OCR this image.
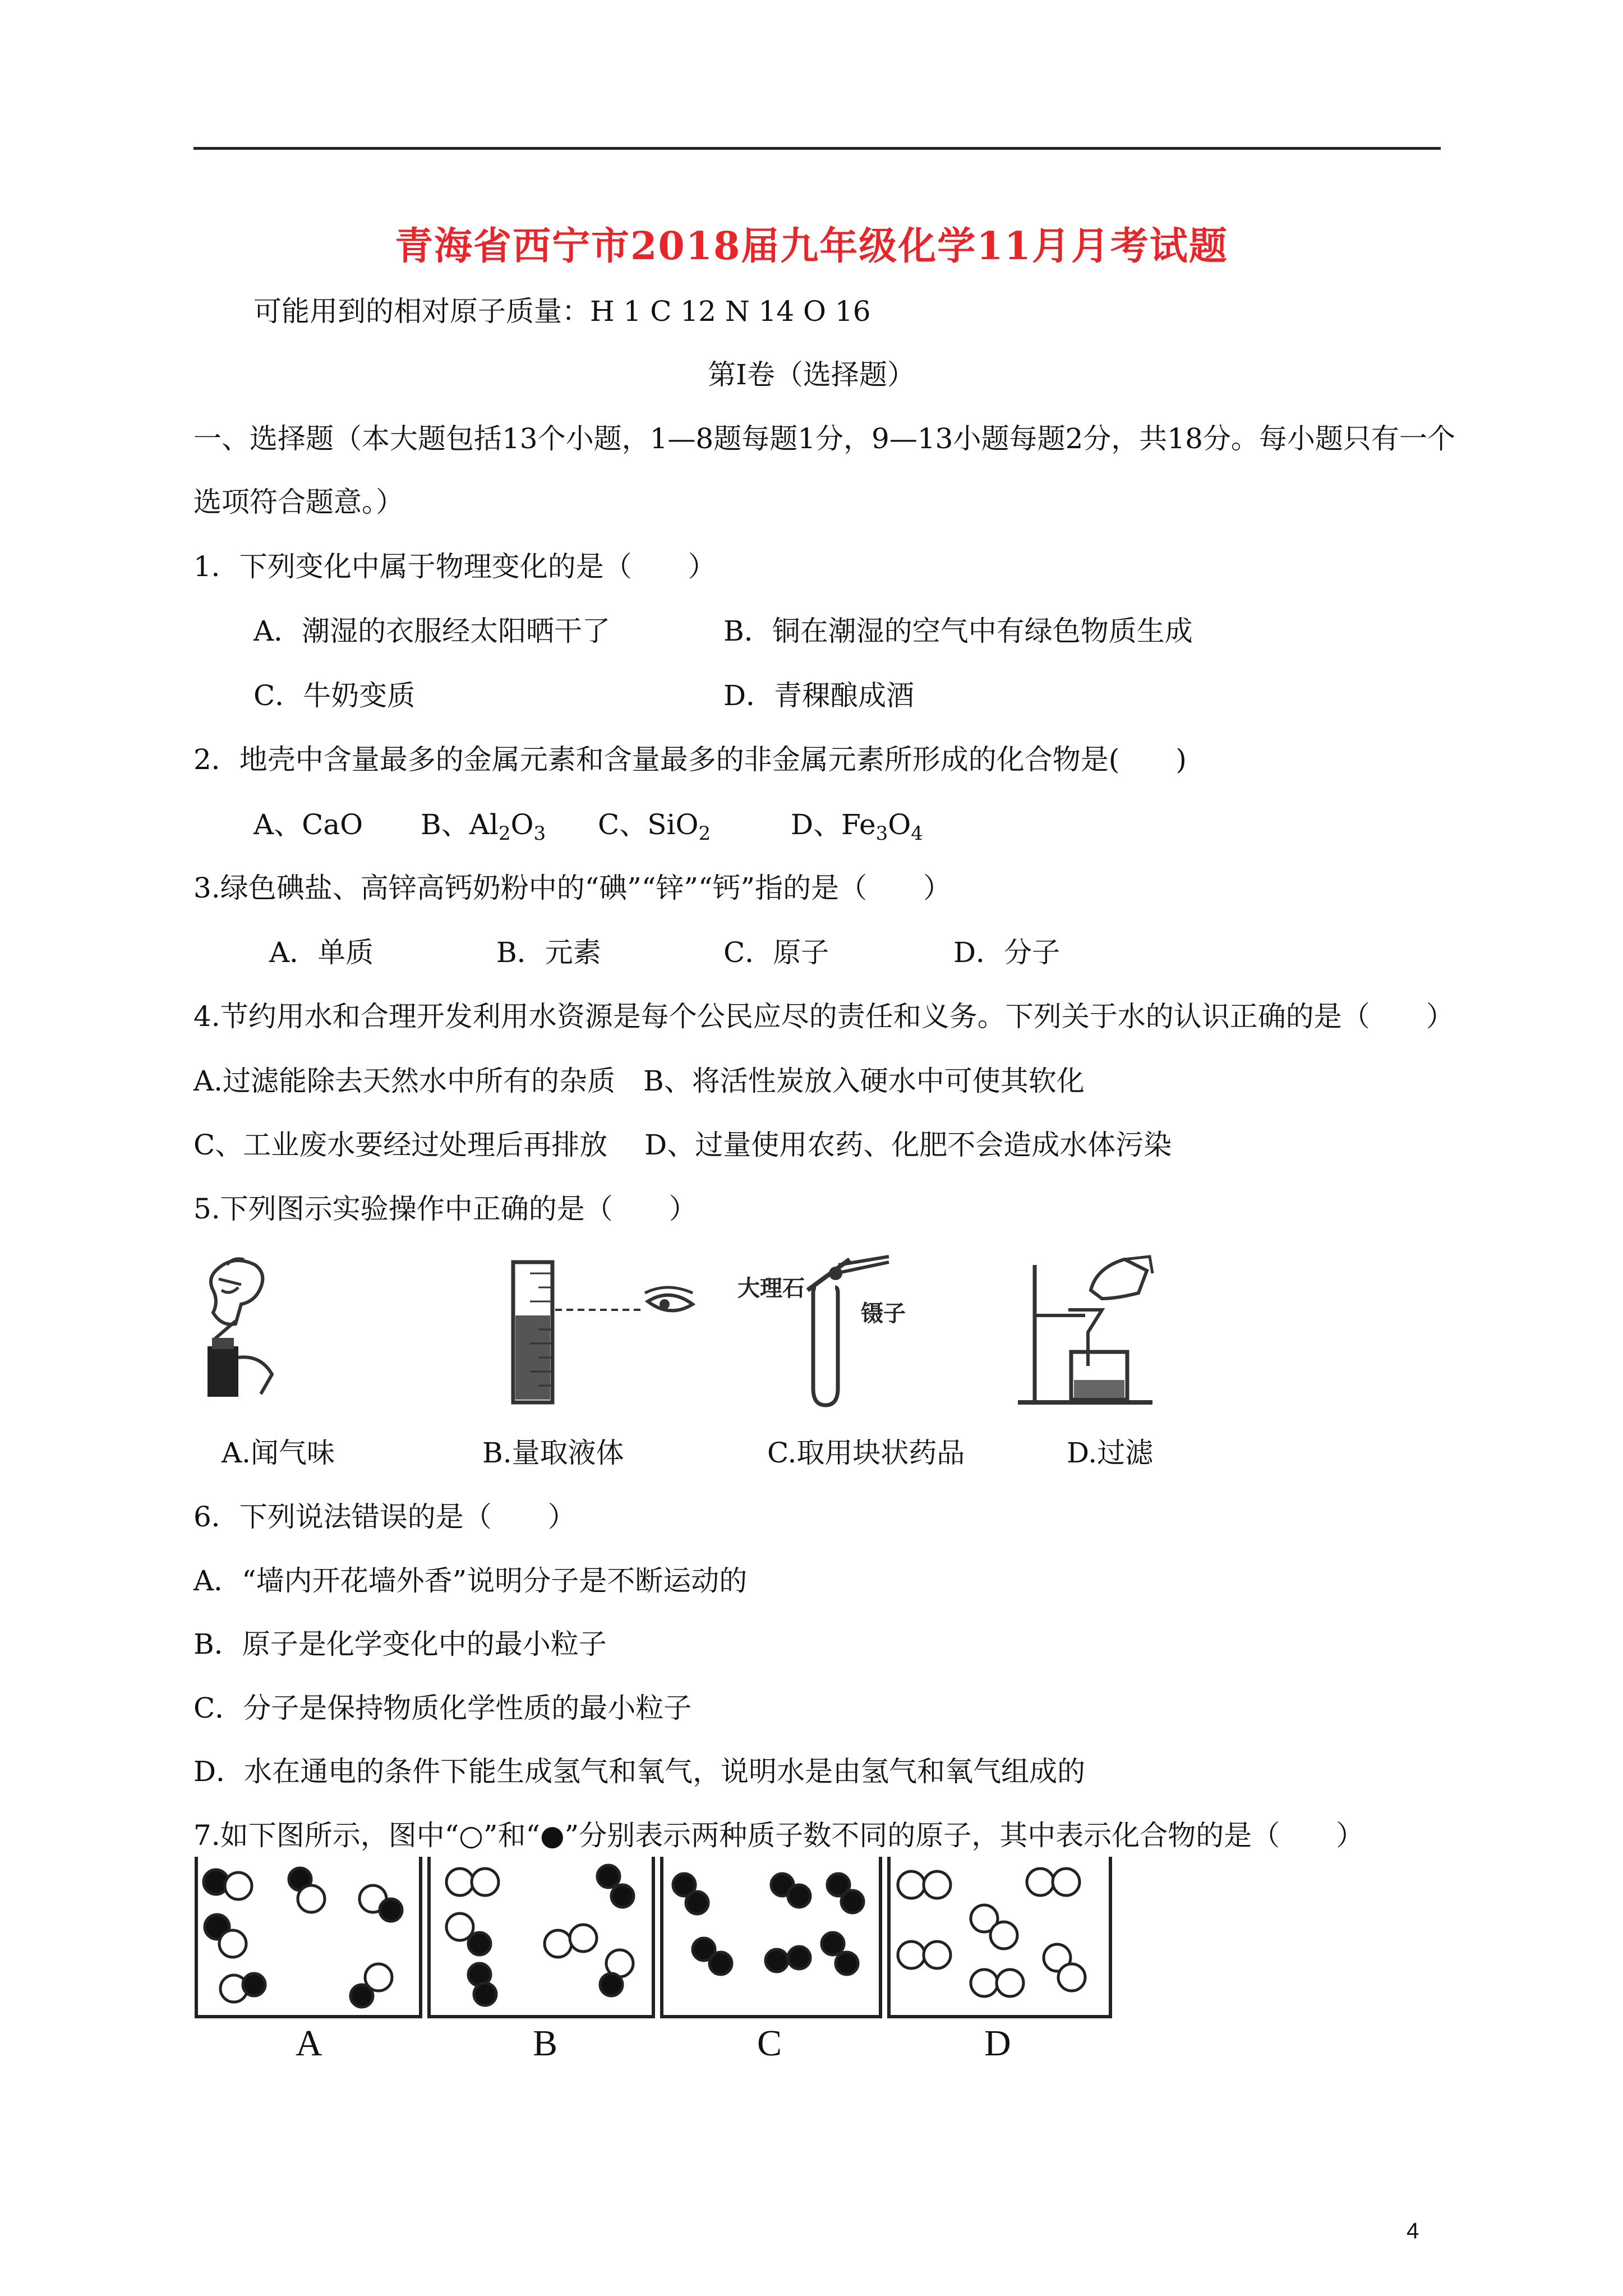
青海省西宁市2018届九年级化学11月月考试题
可能用到的相对原子质量：H 1 C 12 N 14 O 16
第Ⅰ卷（选择题）
一、选择题（本大题包括13个小题，1—8题每题1分，9—13小题每题2分，共18分。每小题只有一个
选项符合题意。）
1．下列变化中属于物理变化的是（　　）
A．潮湿的衣服经太阳晒干了	B．铜在潮湿的空气中有绿色物质生成
C．牛奶变质	D．青稞酿成酒
2．地壳中含量最多的金属元素和含量最多的非金属元素所形成的化合物是(　　)
A、CaO B、$Al_2O_3$ C、SiO$_2$	D、$Fe_3O_4$
3.绿色碘盐、高锌高钙奶粉中的“碘”“锌”“钙”指的是（　　）
A．单质	B．元素	C．原子	D．分子
4.节约用水和合理开发利用水资源是每个公民应尽的责任和义务。下列关于水的认识正确的是（　　）
A.过滤能除去天然水中所有的杂质　B、将活性炭放入硬水中可使其软化
C、工业废水要经过处理后再排放　 D、过量使用农药、化肥不会造成水体污染
5.下列图示实验操作中正确的是（　　）
大理石
镊子
A.闻气味	B.量取液体	C.取用块状药品	D.过滤
6．下列说法错误的是（　　）
A．“墙内开花墙外香”说明分子是不断运动的
B．原子是化学变化中的最小粒子
C．分子是保持物质化学性质的最小粒子
D．水在通电的条件下能生成氢气和氧气，说明水是由氢气和氧气组成的
7.如下图所示，图中“○”和“●”分别表示两种质子数不同的原子，其中表示化合物的是（　　）
A	B	C	D
4
